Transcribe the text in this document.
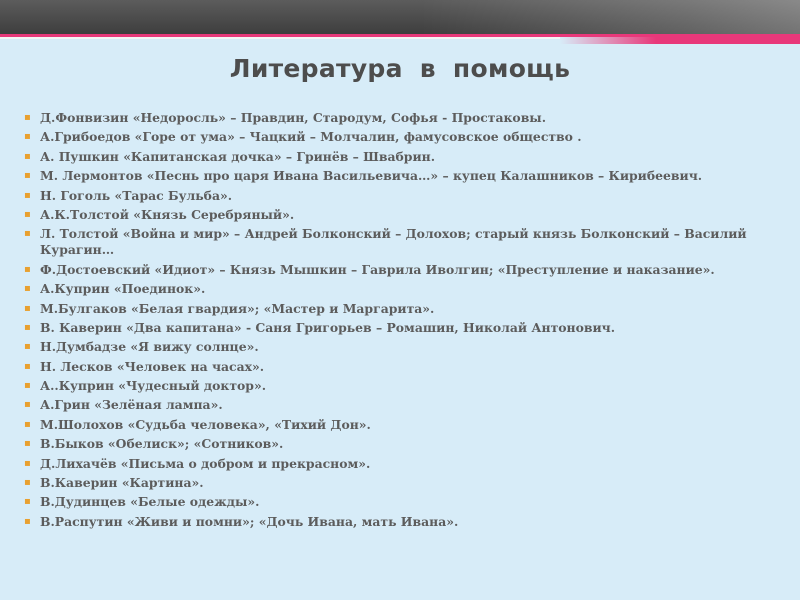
Литература в помощь
▪ Д.Фонвизин «Недоросль» – Правдин, Стародум, Софья - Простаковы.
▪ А.Грибоедов «Горе от ума» – Чацкий – Молчалин, фамусовское общество .
▪ А. Пушкин «Капитанская дочка» – Гринёв – Швабрин.
▪ М. Лермонтов «Песнь про царя Ивана Васильевича…» – купец Калашников – Кирибеевич.
▪ Н. Гоголь «Тарас Бульба».
▪ А.К.Толстой «Князь Серебряный».
▪ Л. Толстой «Война и мир» – Андрей Болконский – Долохов; старый князь Болконский – Василий Курагин…
▪ Ф.Достоевский «Идиот» – Князь Мышкин – Гаврила Иволгин; «Преступление и наказание».
▪ А.Куприн «Поединок».
▪ М.Булгаков «Белая гвардия»; «Мастер и Маргарита».
▪ В. Каверин «Два капитана» - Саня Григорьев – Ромашин, Николай Антонович.
▪ Н.Думбадзе «Я вижу солнце».
▪ Н. Лесков «Человек на часах».
▪ А..Куприн «Чудесный доктор».
▪ А.Грин «Зелёная лампа».
▪ М.Шолохов «Судьба человека», «Тихий Дон».
▪ В.Быков «Обелиск»; «Сотников».
▪ Д.Лихачёв «Письма о добром и прекрасном».
▪ В.Каверин «Картина».
▪ В.Дудинцев «Белые одежды».
▪ В.Распутин «Живи и помни»; «Дочь Ивана, мать Ивана».
